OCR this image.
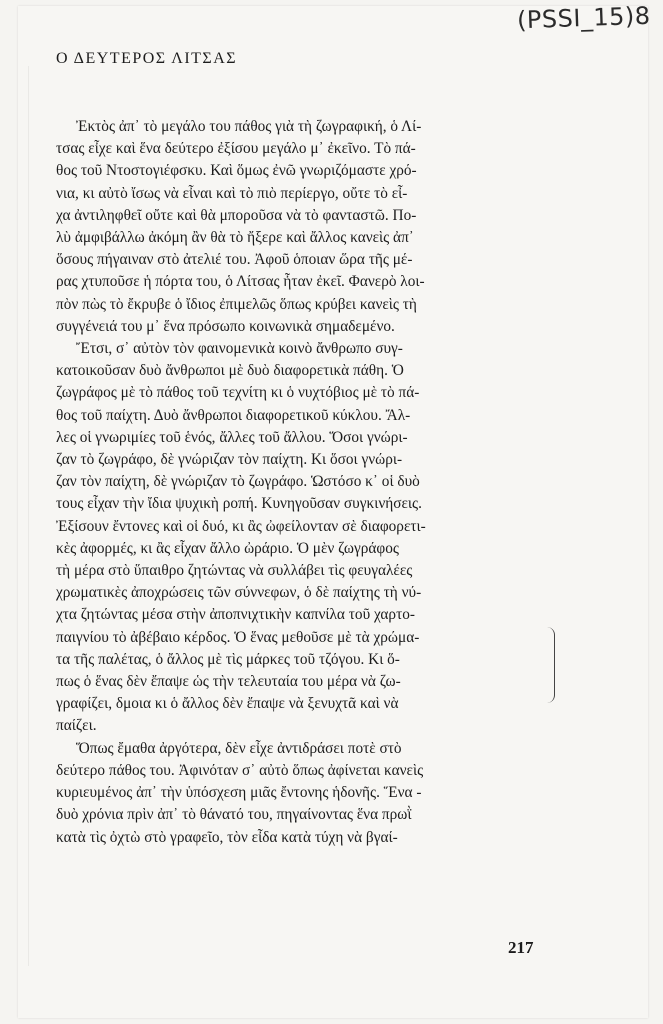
(PSSI_15)8
Ο ΔΕΥΤΕΡΟΣ ΛΙΤΣΑΣ
Ἐκτὸς ἀπ᾽ τὸ μεγάλο του πάθος γιὰ τὴ ζωγραφική, ὁ Λί-
τσας εἶχε καὶ ἕνα δεύτερο ἐξίσου μεγάλο μ᾽ ἐκεῖνο. Τὸ πά-
θος τοῦ Ντοστογιέφσκυ. Καὶ ὅμως ἐνῶ γνωριζόμαστε χρό-
νια, κι αὐτὸ ἴσως νὰ εἶναι καὶ τὸ πιὸ περίεργο, οὔτε τὸ εἶ-
χα ἀντιληφθεῖ οὔτε καὶ θὰ μποροῦσα νὰ τὸ φανταστῶ. Πο-
λὺ ἀμφιβάλλω ἀκόμη ἂν θὰ τὸ ἤξερε καὶ ἄλλος κανεὶς ἀπ᾽
ὅσους πήγαιναν στὸ ἀτελιέ του. Ἀφοῦ ὁποιαν ὥρα τῆς μέ-
ρας χτυποῦσε ἡ πόρτα του, ὁ Λίτσας ἦταν ἐκεῖ. Φανερὸ λοι-
πὸν πὼς τὸ ἔκρυβε ὁ ἴδιος ἐπιμελῶς ὅπως κρύβει κανεὶς τὴ
συγγένειά του μ᾽ ἕνα πρόσωπο κοινωνικὰ σημαδεμένο.
Ἔτσι, σ᾽ αὐτὸν τὸν φαινομενικὰ κοινὸ ἄνθρωπο συγ-
κατοικοῦσαν δυὸ ἄνθρωποι μὲ δυὸ διαφορετικὰ πάθη. Ὁ
ζωγράφος μὲ τὸ πάθος τοῦ τεχνίτη κι ὁ νυχτόβιος μὲ τὸ πά-
θος τοῦ παίχτη. Δυὸ ἄνθρωποι διαφορετικοῦ κύκλου. Ἄλ-
λες οἱ γνωριμίες τοῦ ἑνός, ἄλλες τοῦ ἄλλου. Ὅσοι γνώρι-
ζαν τὸ ζωγράφο, δὲ γνώριζαν τὸν παίχτη. Κι ὅσοι γνώρι-
ζαν τὸν παίχτη, δὲ γνώριζαν τὸ ζωγράφο. Ὡστόσο κ᾽ οἱ δυὸ
τους εἶχαν τὴν ἴδια ψυχικὴ ροπή. Κυνηγοῦσαν συγκινήσεις.
Ἐξίσουν ἔντονες καὶ οἱ δυό, κι ἂς ὠφείλονταν σὲ διαφορετι-
κὲς ἀφορμές, κι ἂς εἶχαν ἄλλο ὠράριο. Ὁ μὲν ζωγράφος
τὴ μέρα στὸ ὕπαιθρο ζητώντας νὰ συλλάβει τὶς φευγαλέες
χρωματικὲς ἀποχρώσεις τῶν σύννεφων, ὁ δὲ παίχτης τὴ νύ-
χτα ζητώντας μέσα στὴν ἀποπνιχτικὴν καπνίλα τοῦ χαρτο-
παιγνίου τὸ ἀβέβαιο κέρδος. Ὁ ἕνας μεθοῦσε μὲ τὰ χρώμα-
τα τῆς παλέτας, ὁ ἄλλος μὲ τὶς μάρκες τοῦ τζόγου. Κι ὅ-
πως ὁ ἕνας δὲν ἔπαψε ὡς τὴν τελευταία του μέρα νὰ ζω-
γραφίζει, δμοια κι ὁ ἄλλος δὲν ἔπαψε νὰ ξενυχτᾶ καὶ νὰ
παίζει.
Ὅπως ἔμαθα ἀργότερα, δὲν εἶχε ἀντιδράσει ποτὲ στὸ
δεύτερο πάθος του. Ἀφινόταν σ᾽ αὐτὸ ὅπως ἀφίνεται κανεὶς
κυριευμένος ἀπ᾽ τὴν ὑπόσχεση μιᾶς ἔντονης ἡδονῆς. Ἕνα -
δυὸ χρόνια πρὶν ἀπ᾽ τὸ θάνατό του, πηγαίνοντας ἕνα πρωῒ
κατὰ τὶς ὀχτὼ στὸ γραφεῖο, τὸν εἶδα κατὰ τύχη νὰ βγαί-
217
